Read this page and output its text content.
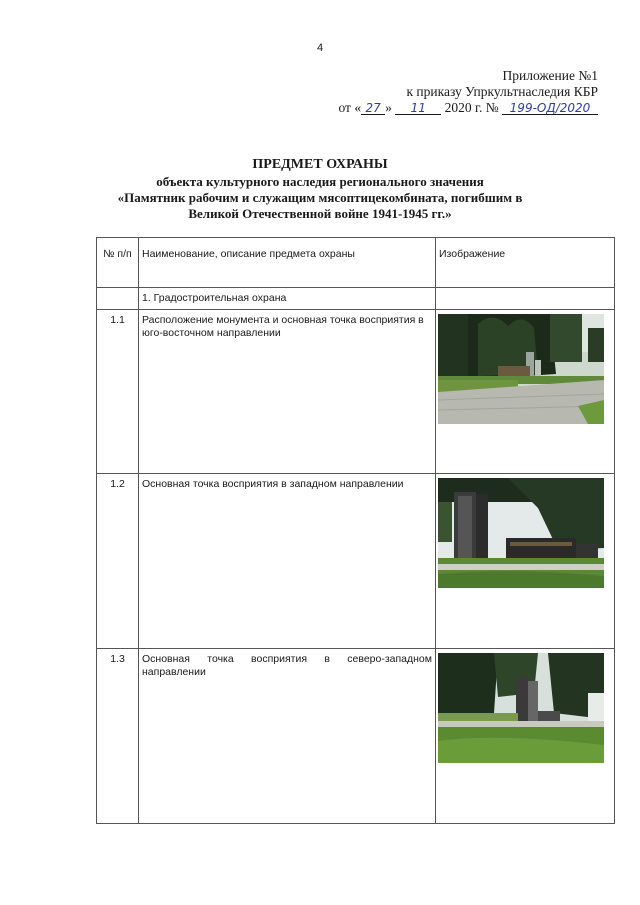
4
Приложение №1
к приказу Упркультнаследия КБР
от « 27 » 11 2020 г. № 199-ОД/2020
ПРЕДМЕТ ОХРАНЫ
объекта культурного наследия регионального значения
«Памятник рабочим и служащим мясоптицекомбината, погибшим в
Великой Отечественной войне 1941-1945 гг.»
№ п/п	Наименование, описание предмета охраны	Изображение
	1. Градостроительная охрана	
1.1	Расположение монумента и основная точка восприятия в юго-восточном направлении	

1.2	Основная точка восприятия в западном направлении	

1.3	Основная точка восприятия в северо-западном
направлении
